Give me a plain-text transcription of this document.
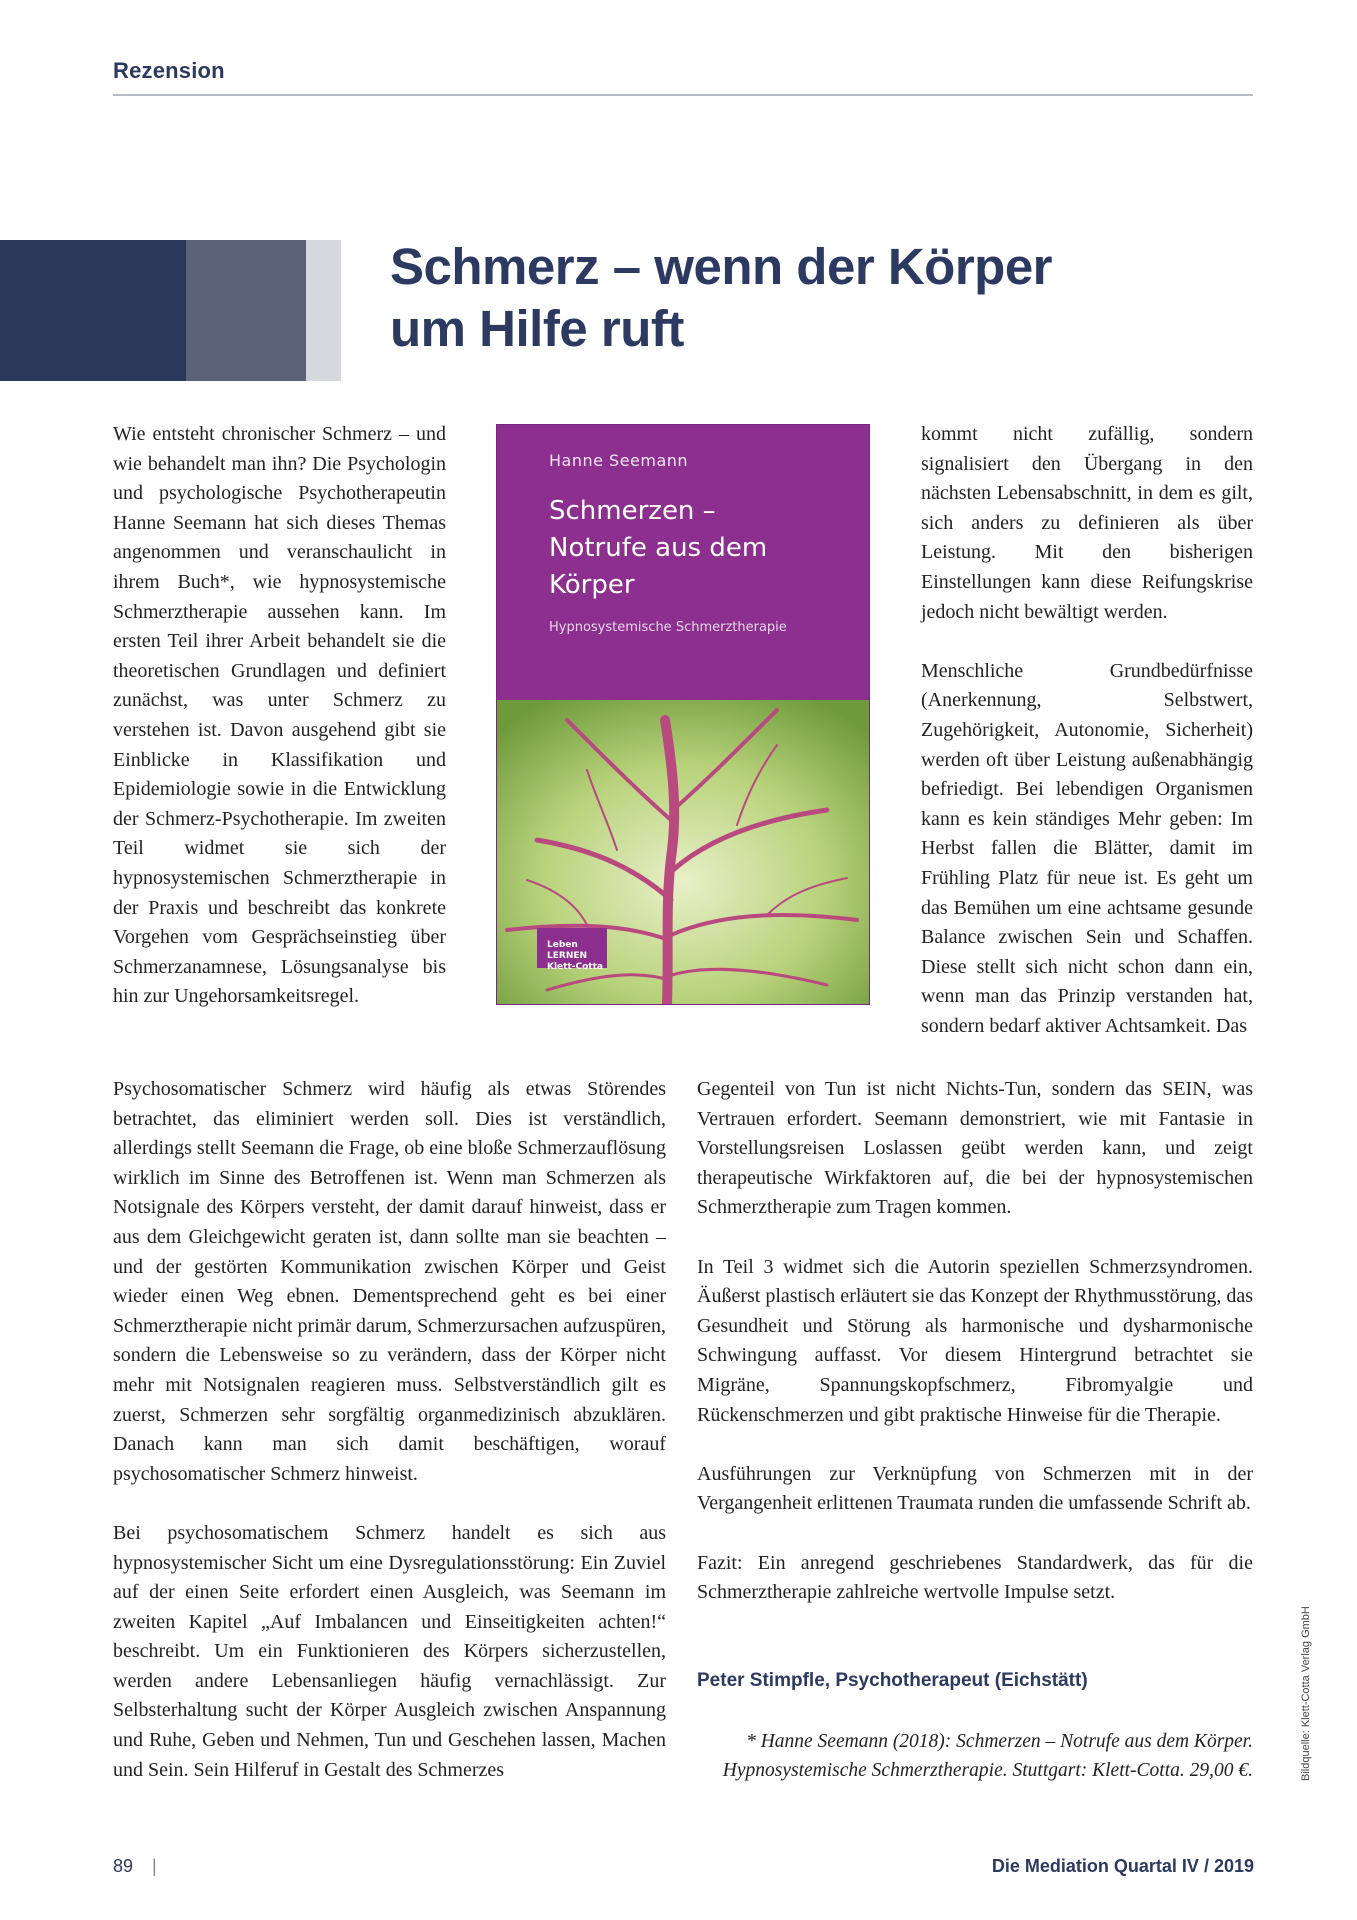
Rezension
Schmerz – wenn der Körper
um Hilfe ruft

Wie entsteht chronischer Schmerz – und wie behandelt man ihn? Die Psychologin und psychologische Psychotherapeutin Hanne Seemann hat sich dieses Themas angenommen und veranschaulicht in ihrem Buch*, wie hypnosystemische Schmerztherapie aussehen kann. Im ersten Teil ihrer Arbeit behandelt sie die theoretischen Grundlagen und definiert zunächst, was unter Schmerz zu verstehen ist. Davon ausgehend gibt sie Einblicke in Klassifikation und Epidemiologie sowie in die Entwicklung der Schmerz-Psychotherapie. Im zweiten Teil widmet sie sich der hypnosystemischen Schmerztherapie in der Praxis und beschreibt das konkrete Vorgehen vom Gesprächseinstieg über Schmerzanamnese, Lösungsanalyse bis hin zur Ungehorsamkeitsregel.

Hanne Seemann
Schmerzen –
Notrufe aus dem
Körper
Hypnosystemische Schmerztherapie
Leben
LERNEN
Klett-Cotta

kommt nicht zufällig, sondern signalisiert den Übergang in den nächsten Lebensabschnitt, in dem es gilt, sich anders zu definieren als über Leistung. Mit den bisherigen Einstellungen kann diese Reifungskrise jedoch nicht bewältigt werden.

Menschliche Grundbedürfnisse (Anerkennung, Selbstwert, Zugehörigkeit, Autonomie, Sicherheit) werden oft über Leistung außenabhängig befriedigt. Bei lebendigen Organismen kann es kein ständiges Mehr geben: Im Herbst fallen die Blätter, damit im Frühling Platz für neue ist. Es geht um das Bemühen um eine achtsame gesunde Balance zwischen Sein und Schaffen. Diese stellt sich nicht schon dann ein, wenn man das Prinzip verstanden hat, sondern bedarf aktiver Achtsamkeit. Das

Psychosomatischer Schmerz wird häufig als etwas Störendes betrachtet, das eliminiert werden soll. Dies ist verständlich, allerdings stellt Seemann die Frage, ob eine bloße Schmerzauflösung wirklich im Sinne des Betroffenen ist. Wenn man Schmerzen als Notsignale des Körpers versteht, der damit darauf hinweist, dass er aus dem Gleichgewicht geraten ist, dann sollte man sie beachten – und der gestörten Kommunikation zwischen Körper und Geist wieder einen Weg ebnen. Dementsprechend geht es bei einer Schmerztherapie nicht primär darum, Schmerzursachen aufzuspüren, sondern die Lebensweise so zu verändern, dass der Körper nicht mehr mit Notsignalen reagieren muss. Selbstverständlich gilt es zuerst, Schmerzen sehr sorgfältig organmedizinisch abzuklären. Danach kann man sich damit beschäftigen, worauf psychosomatischer Schmerz hinweist.

Bei psychosomatischem Schmerz handelt es sich aus hypnosystemischer Sicht um eine Dysregulationsstörung: Ein Zuviel auf der einen Seite erfordert einen Ausgleich, was Seemann im zweiten Kapitel „Auf Imbalancen und Einseitigkeiten achten!“ beschreibt. Um ein Funktionieren des Körpers sicherzustellen, werden andere Lebensanliegen häufig vernachlässigt. Zur Selbsterhaltung sucht der Körper Ausgleich zwischen Anspannung und Ruhe, Geben und Nehmen, Tun und Geschehen lassen, Machen und Sein. Sein Hilferuf in Gestalt des Schmerzes

Gegenteil von Tun ist nicht Nichts-Tun, sondern das SEIN, was Vertrauen erfordert. Seemann demonstriert, wie mit Fantasie in Vorstellungsreisen Loslassen geübt werden kann, und zeigt therapeutische Wirkfaktoren auf, die bei der hypnosystemischen Schmerztherapie zum Tragen kommen.

In Teil 3 widmet sich die Autorin speziellen Schmerzsyndromen. Äußerst plastisch erläutert sie das Konzept der Rhythmusstörung, das Gesundheit und Störung als harmonische und dysharmonische Schwingung auffasst. Vor diesem Hintergrund betrachtet sie Migräne, Spannungskopfschmerz, Fibromyalgie und Rückenschmerzen und gibt praktische Hinweise für die Therapie.

Ausführungen zur Verknüpfung von Schmerzen mit in der Vergangenheit erlittenen Traumata runden die umfassende Schrift ab.

Fazit: Ein anregend geschriebenes Standardwerk, das für die Schmerztherapie zahlreiche wertvolle Impulse setzt.

Peter Stimpfle, Psychotherapeut (Eichstätt)

* Hanne Seemann (2018): Schmerzen – Notrufe aus dem Körper.
Hypnosystemische Schmerztherapie. Stuttgart: Klett-Cotta. 29,00 €.	Bildquelle: Klett-Cotta Verlag GmbH
89 |	Die Mediation Quartal IV / 2019
